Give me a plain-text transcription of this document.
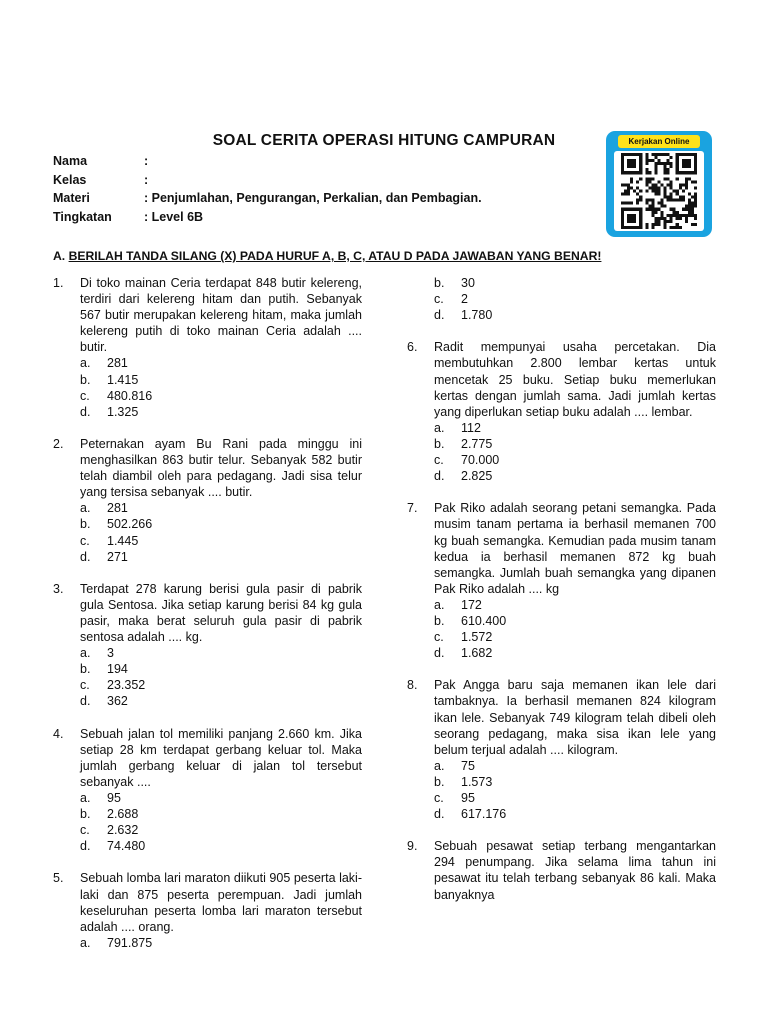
SOAL CERITA OPERASI HITUNG CAMPURAN
Nama	:
Kelas	:
Materi	: Penjumlahan, Pengurangan, Perkalian, dan Pembagian.
Tingkatan	: Level 6B
Kerjakan Online
A. BERILAH TANDA SILANG (X) PADA HURUF A, B, C, ATAU D PADA JAWABAN YANG BENAR!
1.	Di toko mainan Ceria terdapat 848 butir kelereng, terdiri dari kelereng hitam dan putih. Sebanyak 567 butir merupakan kelereng hitam, maka jumlah kelereng putih di toko mainan Ceria adalah .... butir.
a.	281
b.	1.415
c.	480.816
d.	1.325
2.	Peternakan ayam Bu Rani pada minggu ini menghasilkan 863 butir telur. Sebanyak 582 butir telah diambil oleh para pedagang. Jadi sisa telur yang tersisa sebanyak .... butir.
a.	281
b.	502.266
c.	1.445
d.	271
3.	Terdapat 278 karung berisi gula pasir di pabrik gula Sentosa. Jika setiap karung berisi 84 kg gula pasir, maka berat seluruh gula pasir di pabrik sentosa adalah .... kg.
a.	3
b.	194
c.	23.352
d.	362
4.	Sebuah jalan tol memiliki panjang 2.660 km. Jika setiap 28 km terdapat gerbang keluar tol. Maka jumlah gerbang keluar di jalan tol tersebut sebanyak ....
a.	95
b.	2.688
c.	2.632
d.	74.480
5.	Sebuah lomba lari maraton diikuti 905 peserta laki-laki dan 875 peserta perempuan. Jadi jumlah keseluruhan peserta lomba lari maraton tersebut adalah .... orang.
a.	791.875
b.	30
c.	2
d.	1.780
6.	Radit mempunyai usaha percetakan. Dia membutuhkan 2.800 lembar kertas untuk mencetak 25 buku. Setiap buku memerlukan kertas dengan jumlah sama. Jadi jumlah kertas yang diperlukan setiap buku adalah .... lembar.
a.	112
b.	2.775
c.	70.000
d.	2.825
7.	Pak Riko adalah seorang petani semangka. Pada musim tanam pertama ia berhasil memanen 700 kg buah semangka. Kemudian pada musim tanam kedua ia berhasil memanen 872 kg buah semangka. Jumlah buah semangka yang dipanen Pak Riko adalah .... kg
a.	172
b.	610.400
c.	1.572
d.	1.682
8.	Pak Angga baru saja memanen ikan lele dari tambaknya. Ia berhasil memanen 824 kilogram ikan lele. Sebanyak 749 kilogram telah dibeli oleh seorang pedagang, maka sisa ikan lele yang belum terjual adalah .... kilogram.
a.	75
b.	1.573
c.	95
d.	617.176
9.	Sebuah pesawat setiap terbang mengantarkan 294 penumpang. Jika selama lima tahun ini pesawat itu telah terbang sebanyak 86 kali. Maka banyaknya
